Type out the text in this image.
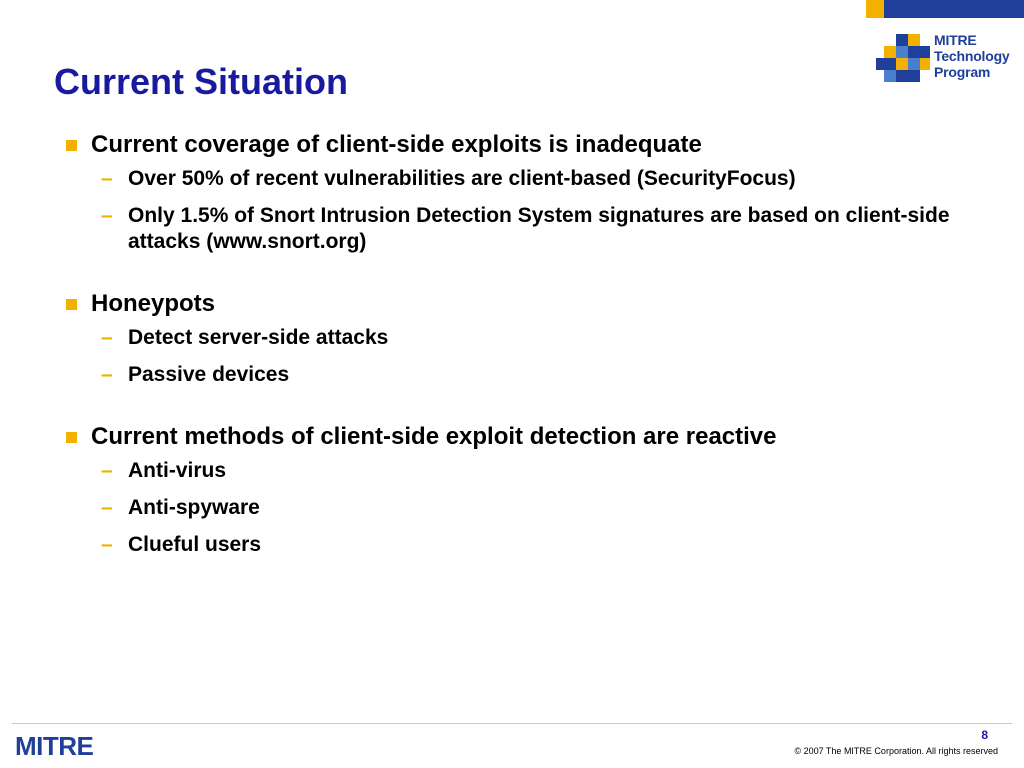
MITRE
Technology
Program
Current Situation
Current coverage of client-side exploits is inadequate
– Over 50% of recent vulnerabilities are client-based (SecurityFocus)
– Only 1.5% of Snort Intrusion Detection System signatures are based on client-side attacks (www.snort.org)
Honeypots
– Detect server-side attacks
– Passive devices
Current methods of client-side exploit detection are reactive
– Anti-virus
– Anti-spyware
– Clueful users
MITRE	8
© 2007 The MITRE Corporation. All rights reserved
